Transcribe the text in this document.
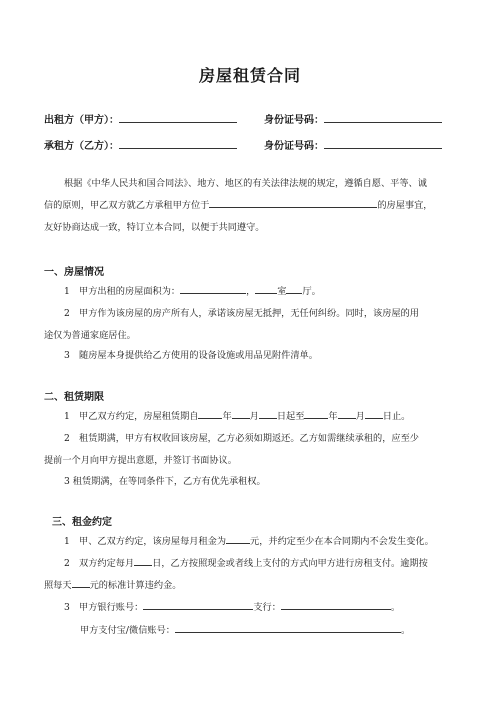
房屋租赁合同
出租方（甲方）：	身份证号码：
承租方（乙方）：	身份证号码：
根据《中华人民共和国合同法》、地方、地区的有关法律法规的规定，遵循自愿、平等、诚
信的原则，甲乙双方就乙方承租甲方位于	的房屋事宜，
友好协商达成一致，特订立本合同，以便于共同遵守。
一、房屋情况
1　甲方出租的房屋面积为：	， 室 厅。
2　甲方作为该房屋的房产所有人，承诺该房屋无抵押，无任何纠纷。同时，该房屋的用
途仅为普通家庭居住。
3　随房屋本身提供给乙方使用的设备设施或用品见附件清单。
二、租赁期限
1　甲乙双方约定，房屋租赁期自	年 月 日起至	年 月 日止。
2　租赁期满，甲方有权收回该房屋，乙方必须如期返还。乙方如需继续承租的，应至少
提前一个月向甲方提出意愿，并签订书面协议。
3 租赁期满，在等同条件下，乙方有优先承租权。
三、租金约定
1　甲、乙双方约定，该房屋每月租金为	元，并约定至少在本合同期内不会发生变化。
2　双方约定每月 日，乙方按照现金或者线上支付的方式向甲方进行房租支付。逾期按
照每天 元的标准计算违约金。
3　甲方银行账号：	支行：	。
甲方支付宝/微信账号：	。
